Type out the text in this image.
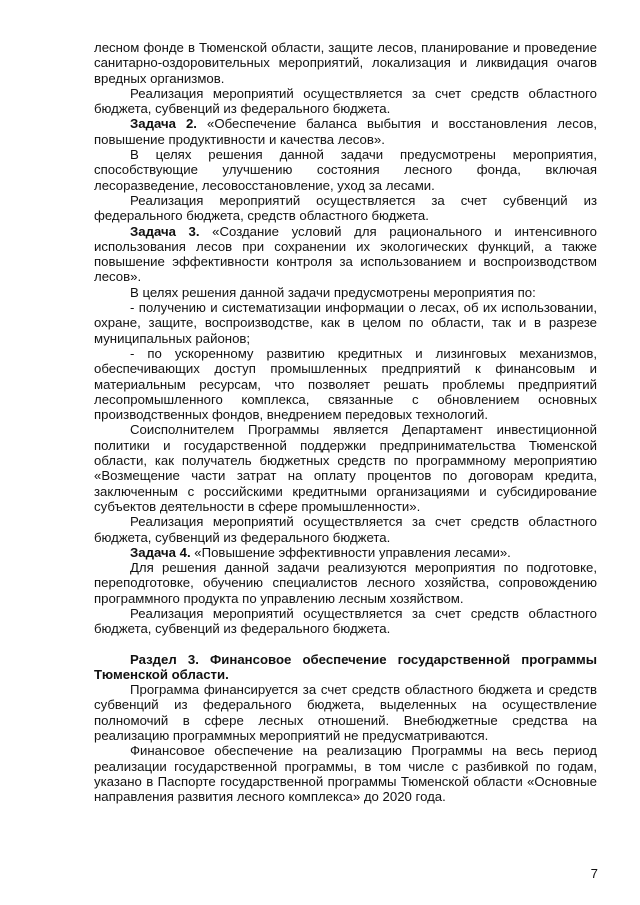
лесном фонде в Тюменской области, защите лесов, планирование и проведение санитарно-оздоровительных мероприятий, локализация и ликвидация очагов вредных организмов.

Реализация мероприятий осуществляется за счет средств областного бюджета, субвенций из федерального бюджета.

Задача 2. «Обеспечение баланса выбытия и восстановления лесов, повышение продуктивности и качества лесов».

В целях решения данной задачи предусмотрены мероприятия, способствующие улучшению состояния лесного фонда, включая лесоразведение, лесовосстановление, уход за лесами.

Реализация мероприятий осуществляется за счет субвенций из федерального бюджета, средств областного бюджета.

Задача 3. «Создание условий для рационального и интенсивного использования лесов при сохранении их экологических функций, а также повышение эффективности контроля за использованием и воспроизводством лесов».

В целях решения данной задачи предусмотрены мероприятия по:

- получению и систематизации информации о лесах, об их использовании, охране, защите, воспроизводстве, как в целом по области, так и в разрезе муниципальных районов;

- по ускоренному развитию кредитных и лизинговых механизмов, обеспечивающих доступ промышленных предприятий к финансовым и материальным ресурсам, что позволяет решать проблемы предприятий лесопромышленного комплекса, связанные с обновлением основных производственных фондов, внедрением передовых технологий.

Соисполнителем Программы является Департамент инвестиционной политики и государственной поддержки предпринимательства Тюменской области, как получатель бюджетных средств по программному мероприятию «Возмещение части затрат на оплату процентов по договорам кредита, заключенным с российскими кредитными организациями и субсидирование субъектов деятельности в сфере промышленности».

Реализация мероприятий осуществляется за счет средств областного бюджета, субвенций из федерального бюджета.

Задача 4. «Повышение эффективности управления лесами».

Для решения данной задачи реализуются мероприятия по подготовке, переподготовке, обучению специалистов лесного хозяйства, сопровождению программного продукта по управлению лесным хозяйством.

Реализация мероприятий осуществляется за счет средств областного бюджета, субвенций из федерального бюджета.

Раздел 3. Финансовое обеспечение государственной программы Тюменской области.

Программа финансируется за счет средств областного бюджета и средств субвенций из федерального бюджета, выделенных на осуществление полномочий в сфере лесных отношений. Внебюджетные средства на реализацию программных мероприятий не предусматриваются.

Финансовое обеспечение на реализацию Программы на весь период реализации государственной программы, в том числе с разбивкой по годам, указано в Паспорте государственной программы Тюменской области «Основные направления развития лесного комплекса» до 2020 года.

7
